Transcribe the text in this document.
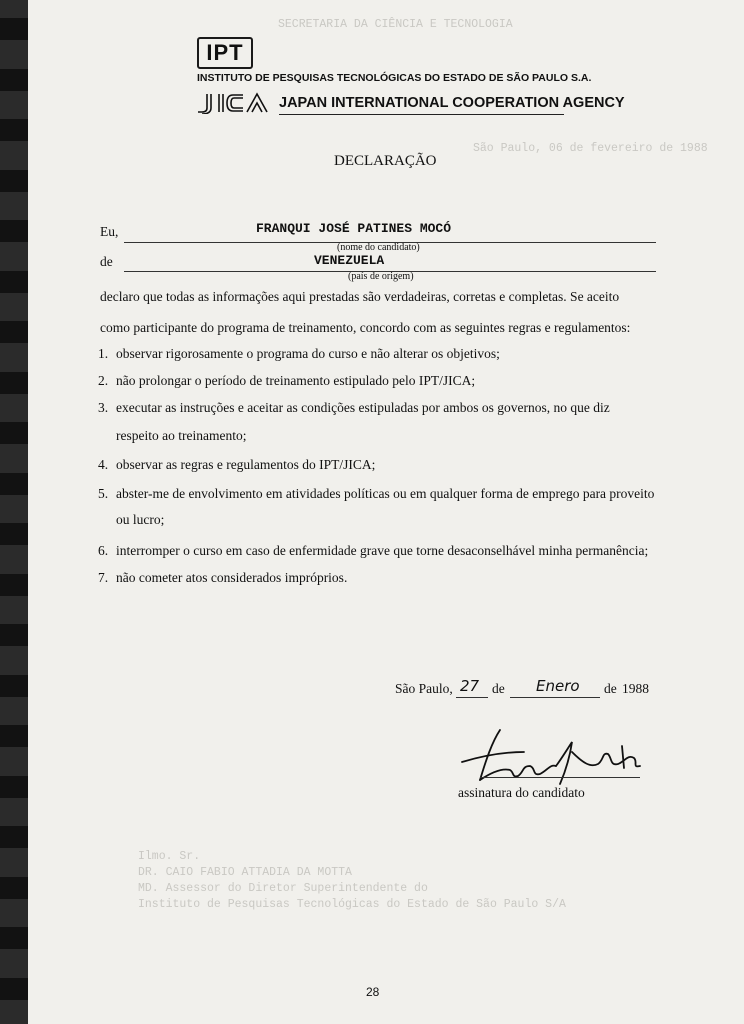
SECRETARIA DA CIÊNCIA E TECNOLOGIA
São Paulo, 06 de fevereiro de 1988
Ilmo. Sr.
DR. CAIO FABIO ATTADIA DA MOTTA
MD. Assessor do Diretor Superintendente do
Instituto de Pesquisas Tecnológicas do Estado de São Paulo S/A
IPT
INSTITUTO DE PESQUISAS TECNOLÓGICAS DO ESTADO DE SÃO PAULO S.A.
JICA
JAPAN INTERNATIONAL COOPERATION AGENCY
DECLARAÇÃO
Eu,	FRANQUI JOSÉ PATINES MOCÓ
(nome do candidato)
de	VENEZUELA
(país de origem)
declaro que todas as informações aqui prestadas são verdadeiras, corretas e completas. Se aceito
como participante do programa de treinamento, concordo com as seguintes regras e regulamentos:
1. observar rigorosamente o programa do curso e não alterar os objetivos;
2. não prolongar o período de treinamento estipulado pelo IPT/JICA;
3. executar as instruções e aceitar as condições estipuladas por ambos os governos, no que diz
respeito ao treinamento;
4. observar as regras e regulamentos do IPT/JICA;
5. abster-me de envolvimento em atividades políticas ou em qualquer forma de emprego para proveito
ou lucro;
6. interromper o curso em caso de enfermidade grave que torne desaconselhável minha permanência;
7. não cometer atos considerados impróprios.
São Paulo, 27 de Enero de 1988
assinatura do candidato
28
